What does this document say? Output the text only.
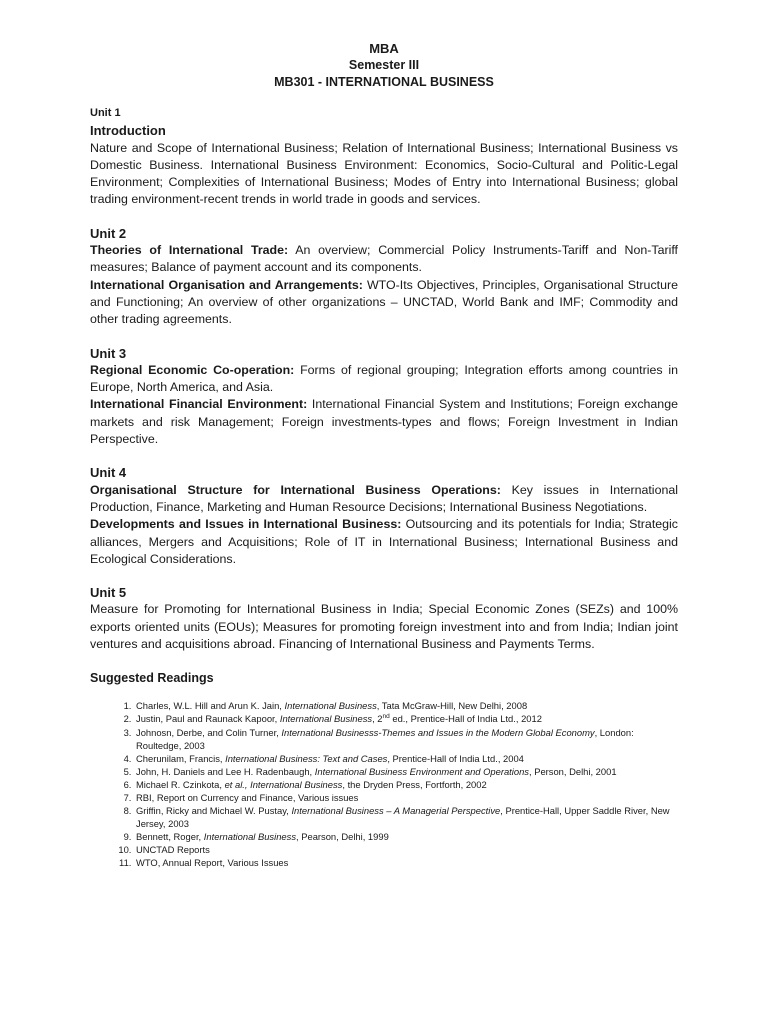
MBA
Semester III
MB301 - INTERNATIONAL BUSINESS
Unit 1
Introduction

Nature and Scope of International Business; Relation of International Business; International Business vs Domestic Business. International Business Environment: Economics, Socio-Cultural and Politic-Legal Environment; Complexities of International Business; Modes of Entry into International Business; global trading environment-recent trends in world trade in goods and services.

Unit 2

Theories of International Trade: An overview; Commercial Policy Instruments-Tariff and Non-Tariff measures; Balance of payment account and its components.

International Organisation and Arrangements: WTO-Its Objectives, Principles, Organisational Structure and Functioning; An overview of other organizations – UNCTAD, World Bank and IMF; Commodity and other trading agreements.

Unit 3

Regional Economic Co-operation: Forms of regional grouping; Integration efforts among countries in Europe, North America, and Asia.

International Financial Environment: International Financial System and Institutions; Foreign exchange markets and risk Management; Foreign investments-types and flows; Foreign Investment in Indian Perspective.

Unit 4

Organisational Structure for International Business Operations: Key issues in International Production, Finance, Marketing and Human Resource Decisions; International Business Negotiations.

Developments and Issues in International Business: Outsourcing and its potentials for India; Strategic alliances, Mergers and Acquisitions; Role of IT in International Business; International Business and Ecological Considerations.

Unit 5

Measure for Promoting for International Business in India; Special Economic Zones (SEZs) and 100% exports oriented units (EOUs); Measures for promoting foreign investment into and from India; Indian joint ventures and acquisitions abroad. Financing of International Business and Payments Terms.

Suggested Readings
1. Charles, W.L. Hill and Arun K. Jain, International Business, Tata McGraw-Hill, New Delhi, 2008
2. Justin, Paul and Raunack Kapoor, International Business, 2nd ed., Prentice-Hall of India Ltd., 2012
3. Johnosn, Derbe, and Colin Turner, International Businesss-Themes and Issues in the Modern Global Economy, London: Roultedge, 2003
4. Cherunilam, Francis, International Business: Text and Cases, Prentice-Hall of India Ltd., 2004
5. John, H. Daniels and Lee H. Radenbaugh, International Business Environment and Operations, Person, Delhi, 2001
6. Michael R. Czinkota, et al., International Business, the Dryden Press, Fortforth, 2002
7. RBI, Report on Currency and Finance, Various issues
8. Griffin, Ricky and Michael W. Pustay, International Business – A Managerial Perspective, Prentice-Hall, Upper Saddle River, New Jersey, 2003
9. Bennett, Roger, International Business, Pearson, Delhi, 1999
10. UNCTAD Reports
11. WTO, Annual Report, Various Issues
